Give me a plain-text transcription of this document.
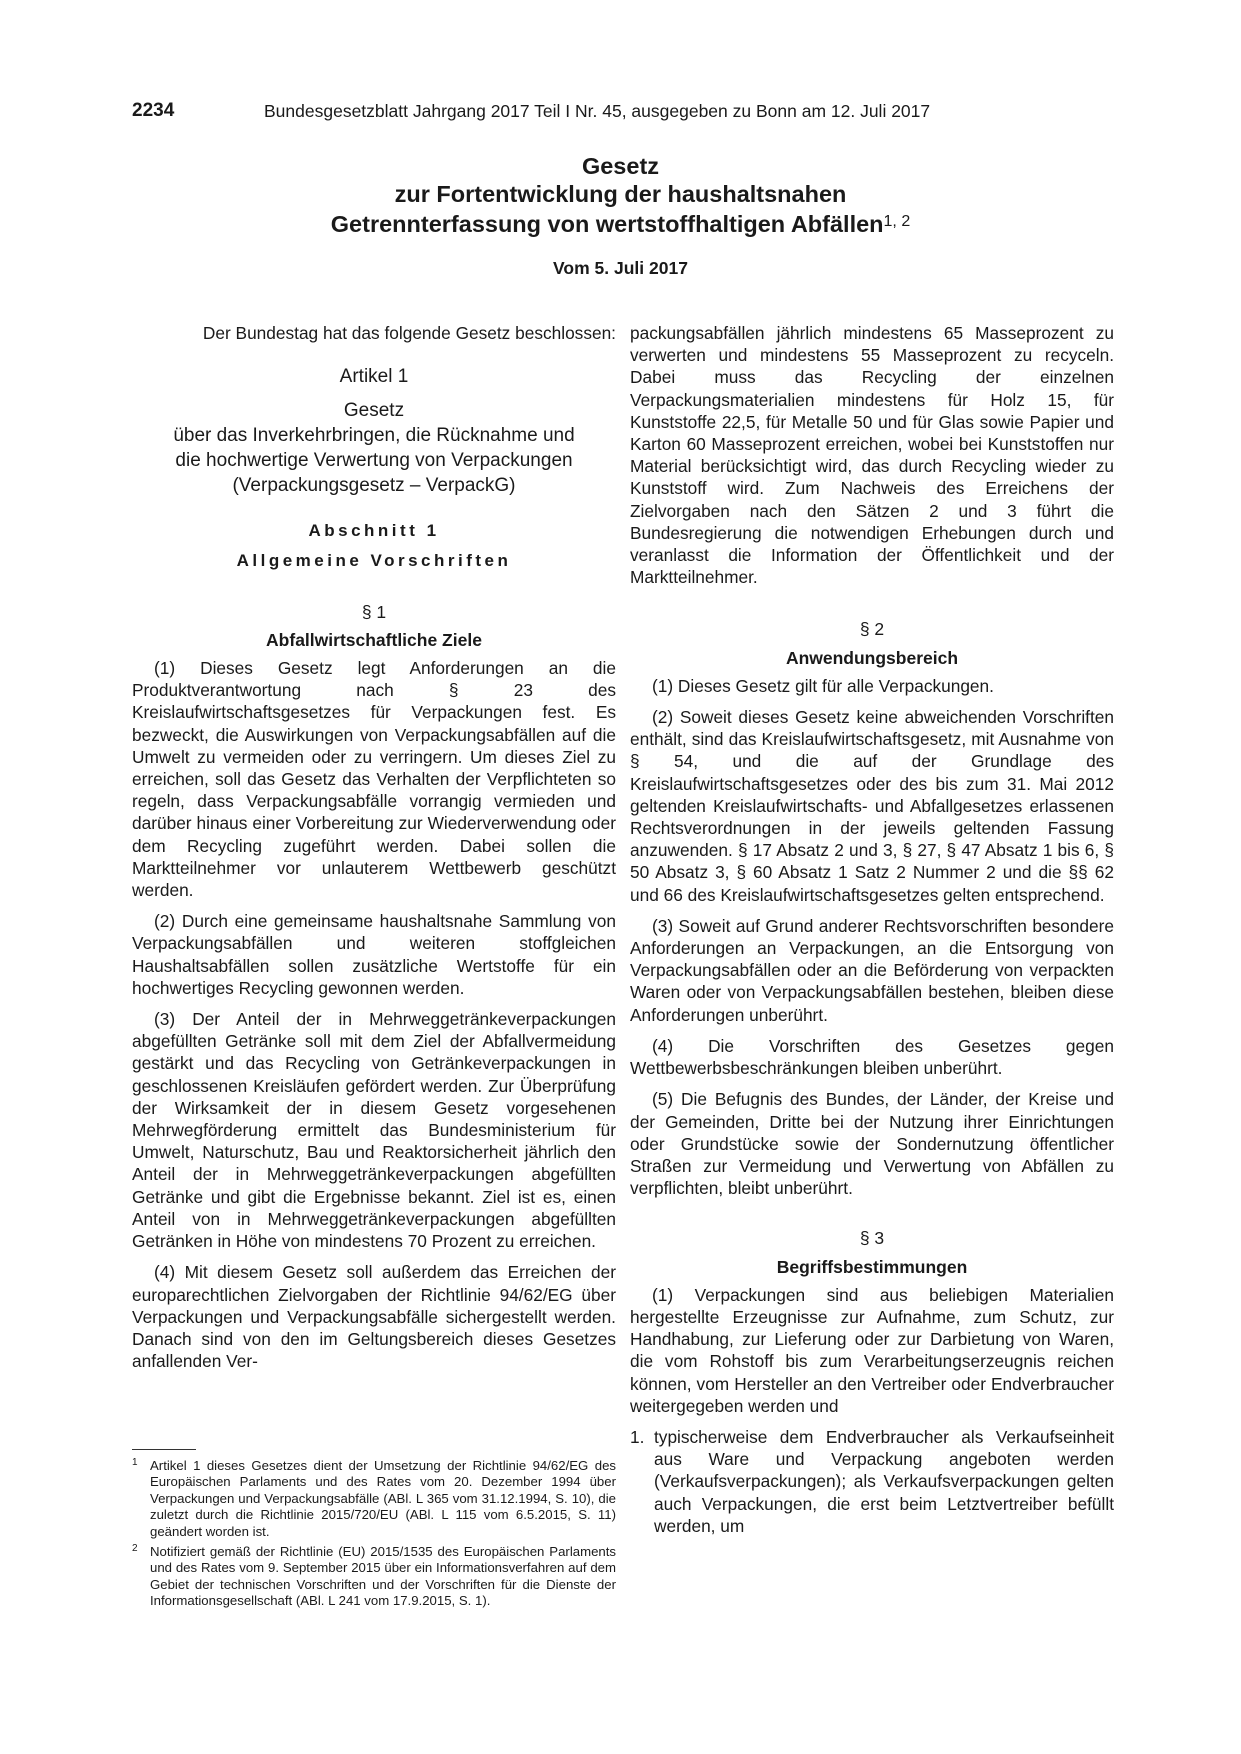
2234	Bundesgesetzblatt Jahrgang 2017 Teil I Nr. 45, ausgegeben zu Bonn am 12. Juli 2017
Gesetz
zur Fortentwicklung der haushaltsnahen
Getrennterfassung von wertstoffhaltigen Abfällen$^{1, 2}$
Vom 5. Juli 2017

Der Bundestag hat das folgende Gesetz beschlossen:

Artikel 1
Gesetz
über das Inverkehrbringen, die Rücknahme und
die hochwertige Verwertung von Verpackungen
(Verpackungsgesetz – VerpackG)
Abschnitt 1
Allgemeine Vorschriften
§ 1
Abfallwirtschaftliche Ziele

(1) Dieses Gesetz legt Anforderungen an die Produktverantwortung nach § 23 des Kreislaufwirtschaftsgesetzes für Verpackungen fest. Es bezweckt, die Auswirkungen von Verpackungsabfällen auf die Umwelt zu vermeiden oder zu verringern. Um dieses Ziel zu erreichen, soll das Gesetz das Verhalten der Verpflichteten so regeln, dass Verpackungsabfälle vorrangig vermieden und darüber hinaus einer Vorbereitung zur Wiederverwendung oder dem Recycling zugeführt werden. Dabei sollen die Marktteilnehmer vor unlauterem Wettbewerb geschützt werden.

(2) Durch eine gemeinsame haushaltsnahe Sammlung von Verpackungsabfällen und weiteren stoffgleichen Haushaltsabfällen sollen zusätzliche Wertstoffe für ein hochwertiges Recycling gewonnen werden.

(3) Der Anteil der in Mehrweggetränkeverpackungen abgefüllten Getränke soll mit dem Ziel der Abfallvermeidung gestärkt und das Recycling von Getränkeverpackungen in geschlossenen Kreisläufen gefördert werden. Zur Überprüfung der Wirksamkeit der in diesem Gesetz vorgesehenen Mehrwegförderung ermittelt das Bundesministerium für Umwelt, Naturschutz, Bau und Reaktorsicherheit jährlich den Anteil der in Mehrweggetränkeverpackungen abgefüllten Getränke und gibt die Ergebnisse bekannt. Ziel ist es, einen Anteil von in Mehrweggetränkeverpackungen abgefüllten Getränken in Höhe von mindestens 70 Prozent zu erreichen.

(4) Mit diesem Gesetz soll außerdem das Erreichen der europarechtlichen Zielvorgaben der Richtlinie 94/62/EG über Verpackungen und Verpackungsabfälle sichergestellt werden. Danach sind von den im Geltungsbereich dieses Gesetzes anfallenden Ver-

packungsabfällen jährlich mindestens 65 Masseprozent zu verwerten und mindestens 55 Masseprozent zu recyceln. Dabei muss das Recycling der einzelnen Verpackungsmaterialien mindestens für Holz 15, für Kunststoffe 22,5, für Metalle 50 und für Glas sowie Papier und Karton 60 Masseprozent erreichen, wobei bei Kunststoffen nur Material berücksichtigt wird, das durch Recycling wieder zu Kunststoff wird. Zum Nachweis des Erreichens der Zielvorgaben nach den Sätzen 2 und 3 führt die Bundesregierung die notwendigen Erhebungen durch und veranlasst die Information der Öffentlichkeit und der Marktteilnehmer.

§ 2
Anwendungsbereich

(1) Dieses Gesetz gilt für alle Verpackungen.

(2) Soweit dieses Gesetz keine abweichenden Vorschriften enthält, sind das Kreislaufwirtschaftsgesetz, mit Ausnahme von § 54, und die auf der Grundlage des Kreislaufwirtschaftsgesetzes oder des bis zum 31. Mai 2012 geltenden Kreislaufwirtschafts- und Abfallgesetzes erlassenen Rechtsverordnungen in der jeweils geltenden Fassung anzuwenden. § 17 Absatz 2 und 3, § 27, § 47 Absatz 1 bis 6, § 50 Absatz 3, § 60 Absatz 1 Satz 2 Nummer 2 und die §§ 62 und 66 des Kreislaufwirtschaftsgesetzes gelten entsprechend.

(3) Soweit auf Grund anderer Rechtsvorschriften besondere Anforderungen an Verpackungen, an die Entsorgung von Verpackungsabfällen oder an die Beförderung von verpackten Waren oder von Verpackungsabfällen bestehen, bleiben diese Anforderungen unberührt.

(4) Die Vorschriften des Gesetzes gegen Wettbewerbsbeschränkungen bleiben unberührt.

(5) Die Befugnis des Bundes, der Länder, der Kreise und der Gemeinden, Dritte bei der Nutzung ihrer Einrichtungen oder Grundstücke sowie der Sondernutzung öffentlicher Straßen zur Vermeidung und Verwertung von Abfällen zu verpflichten, bleibt unberührt.

§ 3
Begriffsbestimmungen

(1) Verpackungen sind aus beliebigen Materialien hergestellte Erzeugnisse zur Aufnahme, zum Schutz, zur Handhabung, zur Lieferung oder zur Darbietung von Waren, die vom Rohstoff bis zum Verarbeitungserzeugnis reichen können, vom Hersteller an den Vertreiber oder Endverbraucher weitergegeben werden und

1. typischerweise dem Endverbraucher als Verkaufseinheit aus Ware und Verpackung angeboten werden (Verkaufsverpackungen); als Verkaufsverpackungen gelten auch Verpackungen, die erst beim Letztvertreiber befüllt werden, um
1 Artikel 1 dieses Gesetzes dient der Umsetzung der Richtlinie 94/62/EG des Europäischen Parlaments und des Rates vom 20. Dezember 1994 über Verpackungen und Verpackungsabfälle (ABl. L 365 vom 31.12.1994, S. 10), die zuletzt durch die Richtlinie 2015/720/EU (ABl. L 115 vom 6.5.2015, S. 11) geändert worden ist.
2 Notifiziert gemäß der Richtlinie (EU) 2015/1535 des Europäischen Parlaments und des Rates vom 9. September 2015 über ein Informationsverfahren auf dem Gebiet der technischen Vorschriften und der Vorschriften für die Dienste der Informationsgesellschaft (ABl. L 241 vom 17.9.2015, S. 1).
